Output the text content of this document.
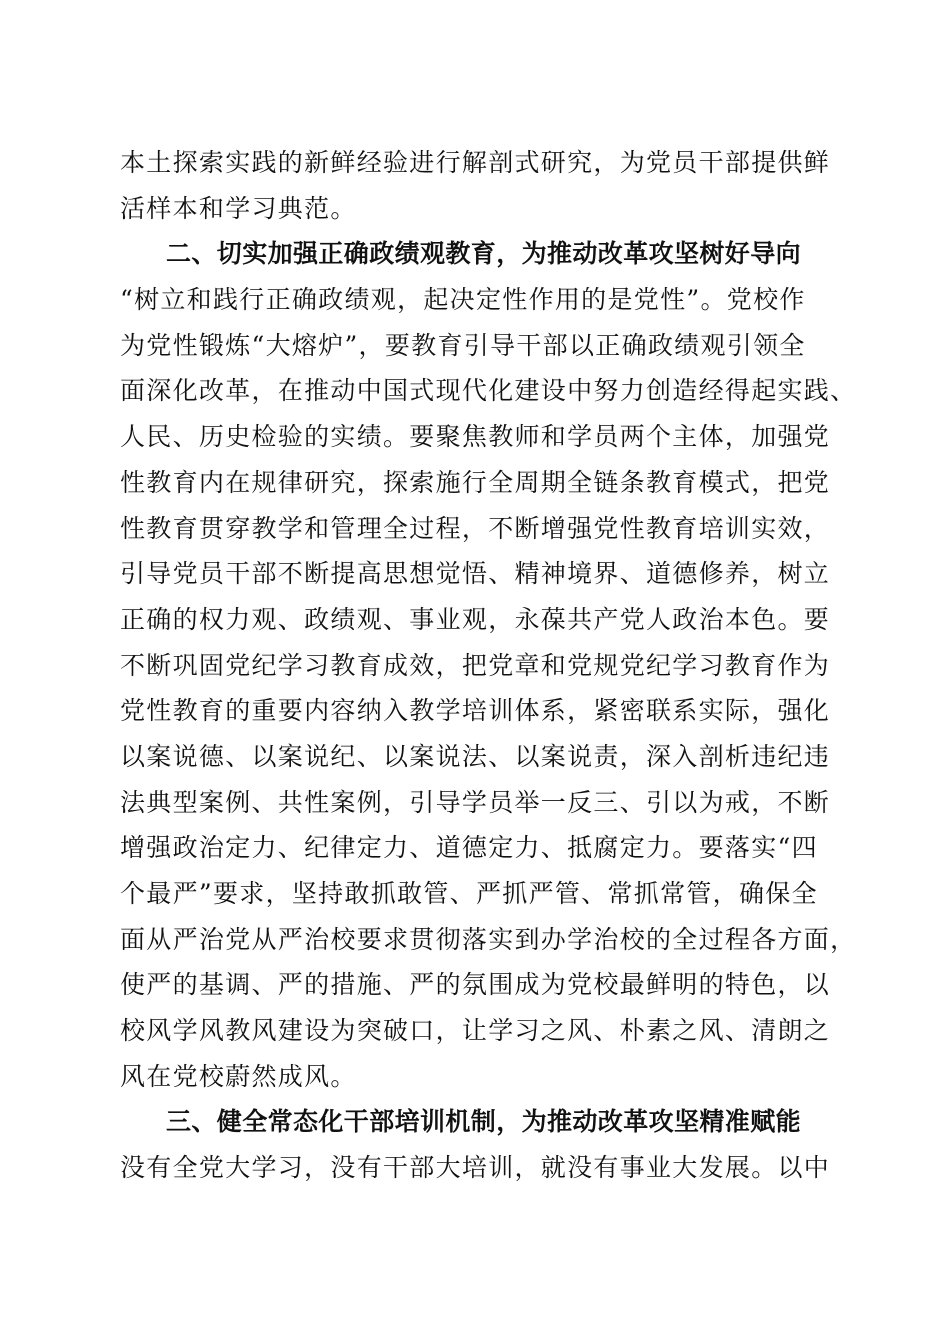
本土探索实践的新鲜经验进行解剖式研究，为党员干部提供鲜
活样本和学习典范。
二、切实加强正确政绩观教育，为推动改革攻坚树好导向
“树立和践行正确政绩观，起决定性作用的是党性”。党校作
为党性锻炼“大熔炉”，要教育引导干部以正确政绩观引领全
面深化改革，在推动中国式现代化建设中努力创造经得起实践、
人民、历史检验的实绩。要聚焦教师和学员两个主体，加强党
性教育内在规律研究，探索施行全周期全链条教育模式，把党
性教育贯穿教学和管理全过程，不断增强党性教育培训实效，
引导党员干部不断提高思想觉悟、精神境界、道德修养，树立
正确的权力观、政绩观、事业观，永葆共产党人政治本色。要
不断巩固党纪学习教育成效，把党章和党规党纪学习教育作为
党性教育的重要内容纳入教学培训体系，紧密联系实际，强化
以案说德、以案说纪、以案说法、以案说责，深入剖析违纪违
法典型案例、共性案例，引导学员举一反三、引以为戒，不断
增强政治定力、纪律定力、道德定力、抵腐定力。要落实“四
个最严”要求，坚持敢抓敢管、严抓严管、常抓常管，确保全
面从严治党从严治校要求贯彻落实到办学治校的全过程各方面，
使严的基调、严的措施、严的氛围成为党校最鲜明的特色，以
校风学风教风建设为突破口，让学习之风、朴素之风、清朗之
风在党校蔚然成风。
三、健全常态化干部培训机制，为推动改革攻坚精准赋能
没有全党大学习，没有干部大培训，就没有事业大发展。以中
